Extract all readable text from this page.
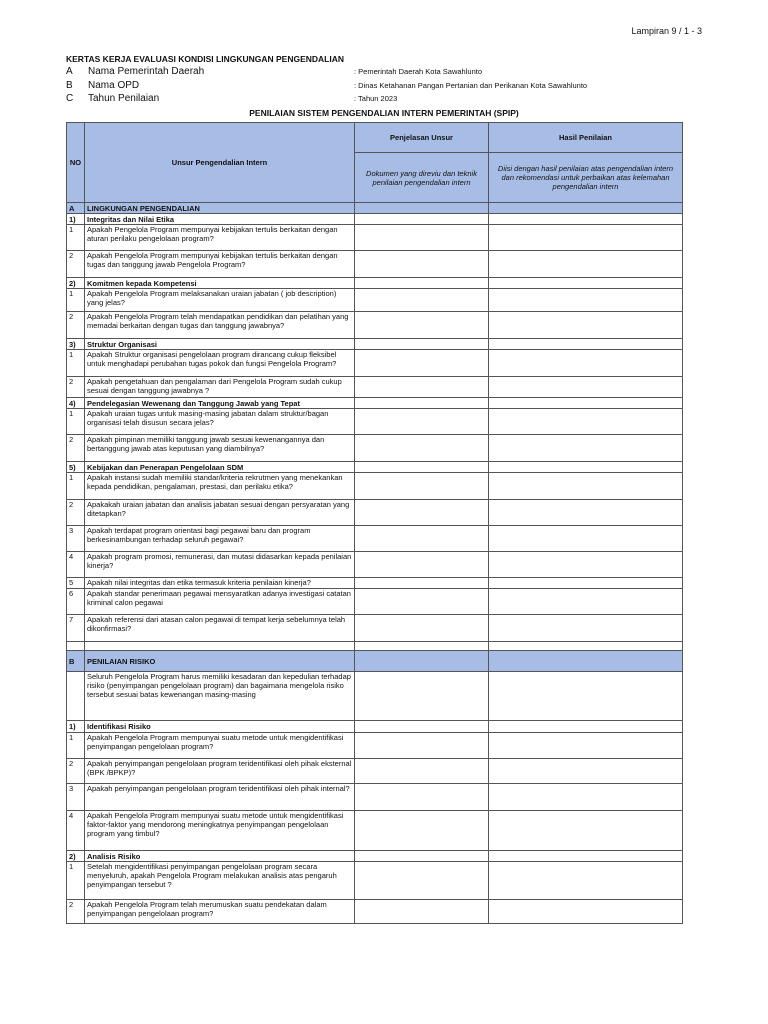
Lampiran 9 / 1 - 3
KERTAS KERJA EVALUASI KONDISI LINGKUNGAN PENGENDALIAN
A Nama Pemerintah Daerah	: Pemerintah Daerah Kota Sawahlunto
B Nama OPD	: Dinas Ketahanan Pangan Pertanian dan Perikanan Kota Sawahlunto
C Tahun Penilaian	: Tahun 2023
PENILAIAN SISTEM PENGENDALIAN INTERN PEMERINTAH (SPIP)
NO	Unsur Pengendalian Intern	Penjelasan Unsur	Hasil Penilaian
		Dokumen yang direviu dan teknik penilaian pengendalian intern	Diisi dengan hasil penilaian atas pengendalian intern dan rekomendasi untuk perbaikan atas kelemahan pengendalian intern
A	LINGKUNGAN PENGENDALIAN		
1)	Integritas dan Nilai Etika		
1	Apakah Pengelola Program mempunyai kebijakan tertulis berkaitan dengan aturan perilaku pengelolaan program?		
2	Apakah Pengelola Program mempunyai kebijakan tertulis berkaitan dengan tugas dan tanggung jawab Pengelola Program?		
2)	Komitmen kepada Kompetensi		
1	Apakah Pengelola Program melaksanakan uraian jabatan ( job description) yang jelas?		
2	Apakah Pengelola Program telah mendapatkan pendidikan dan pelatihan yang memadai berkaitan dengan tugas dan tanggung jawabnya?		
3)	Struktur Organisasi		
1	Apakah Struktur organisasi pengelolaan program dirancang cukup fleksibel untuk menghadapi perubahan tugas pokok dan fungsi Pengelola Program?		
2	Apakah pengetahuan dan pengalaman dari Pengelola Program sudah cukup sesuai dengan tanggung jawabnya ?		
4)	Pendelegasian Wewenang dan Tanggung Jawab yang Tepat		
1	Apakah uraian tugas untuk masing-masing jabatan dalam struktur/bagan organisasi telah disusun secara jelas?		
2	Apakah pimpinan memiliki tanggung jawab sesuai kewenangannya dan bertanggung jawab atas keputusan yang diambilnya?		
5)	Kebijakan dan Penerapan Pengelolaan SDM		
1	Apakah instansi sudah memiliki standar/kriteria rekrutmen yang menekankan kepada pendidikan, pengalaman, prestasi, dan perilaku etika?		
2	Apakakah uraian jabatan dan analisis jabatan sesuai dengan persyaratan yang ditetapkan?		
3	Apakah terdapat program orientasi bagi pegawai baru dan program berkesinambungan terhadap seluruh pegawai?		
4	Apakah program promosi, remunerasi, dan mutasi didasarkan kepada penilaian kinerja?		
5	Apakah nilai integritas dan etika termasuk kriteria penilaian kinerja?		
6	Apakah standar penerimaan pegawai mensyaratkan adanya investigasi catatan kriminal calon pegawai		
7	Apakah referensi dari atasan calon pegawai di tempat kerja sebelumnya telah dikonfirmasi?		

B	PENILAIAN RISIKO		
	Seluruh Pengelola Program harus memiliki kesadaran dan kepedulian terhadap risiko (penyimpangan pengelolaan program) dan bagaimana mengelola risiko tersebut sesuai batas kewenangan masing-masing		
1)	Identifikasi Risiko		
1	Apakah Pengelola Program mempunyai suatu metode untuk mengidentifikasi penyimpangan pengelolaan program?		
2	Apakah penyimpangan pengelolaan program teridentifikasi oleh pihak eksternal (BPK /BPKP)?		
3	Apakah penyimpangan pengelolaan program teridentifikasi oleh pihak internal?		
4	Apakah Pengelola Program mempunyai suatu metode untuk mengidentifikasi faktor-faktor yang mendorong meningkatnya penyimpangan pengelolaan program yang timbul?		
2)	Analisis Risiko		
1	Setelah mengidentifikasi penyimpangan pengelolaan program secara menyeluruh, apakah Pengelola Program melakukan analisis atas pengaruh penyimpangan tersebut ?		
2	Apakah Pengelola Program telah merumuskan suatu pendekatan dalam penyimpangan pengelolaan program?		
